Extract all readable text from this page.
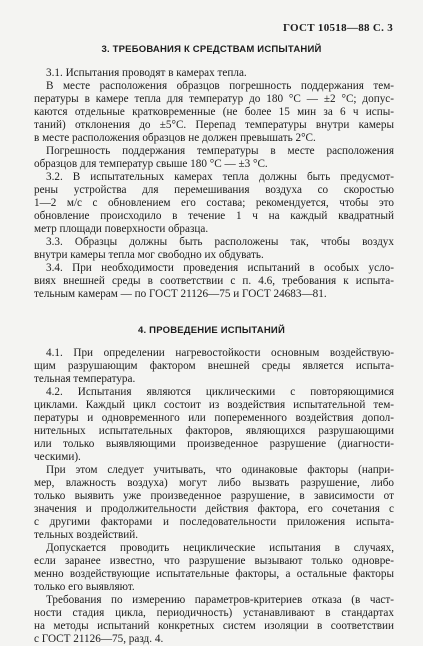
ГОСТ 10518—88 С. 3
3. ТРЕБОВАНИЯ К СРЕДСТВАМ ИСПЫТАНИЙ
3.1. Испытания проводят в камерах тепла.
В месте расположения образцов погрешность поддержания тем-
пературы в камере тепла для температур до 180 °С — ±2 °С; допус-
каются отдельные кратковременные (не более 15 мин за 6 ч испы-
таний) отклонения до ±5°С. Перепад температуры внутри камеры
в месте расположения образцов не должен превышать 2°С.
Погрешность поддержания температуры в месте расположения
образцов для температур свыше 180 °С — ±3 °С.
3.2. В испытательных камерах тепла должны быть предусмот-
рены устройства для перемешивания воздуха со скоростью
1—2 м/с с обновлением его состава; рекомендуется, чтобы это
обновление происходило в течение 1 ч на каждый квадратный
метр площади поверхности образца.
3.3. Образцы должны быть расположены так, чтобы воздух
внутри камеры тепла мог свободно их обдувать.
3.4. При необходимости проведения испытаний в особых усло-
виях внешней среды в соответствии с п. 4.6, требования к испыта-
тельным камерам — по ГОСТ 21126—75 и ГОСТ 24683—81.
4. ПРОВЕДЕНИЕ ИСПЫТАНИЙ
4.1. При определении нагревостойкости основным воздействую-
щим разрушающим фактором внешней среды является испыта-
тельная температура.
4.2. Испытания являются циклическими с повторяющимися
циклами. Каждый цикл состоит из воздействия испытательной тем-
пературы и одновременного или попеременного воздействия допол-
нительных испытательных факторов, являющихся разрушающими
или только выявляющими произведенное разрушение (диагности-
ческими).
При этом следует учитывать, что одинаковые факторы (напри-
мер, влажность воздуха) могут либо вызвать разрушение, либо
только выявить уже произведенное разрушение, в зависимости от
значения и продолжительности действия фактора, его сочетания с
с другими факторами и последовательности приложения испыта-
тельных воздействий.
Допускается проводить нециклические испытания в случаях,
если заранее известно, что разрушение вызывают только одновре-
менно воздействующие испытательные факторы, а остальные факторы
только его выявляют.
Требования по измерению параметров-критериев отказа (в част-
ности стадия цикла, периодичность) устанавливают в стандартах
на методы испытаний конкретных систем изоляции в соответствии
с ГОСТ 21126—75, разд. 4.
